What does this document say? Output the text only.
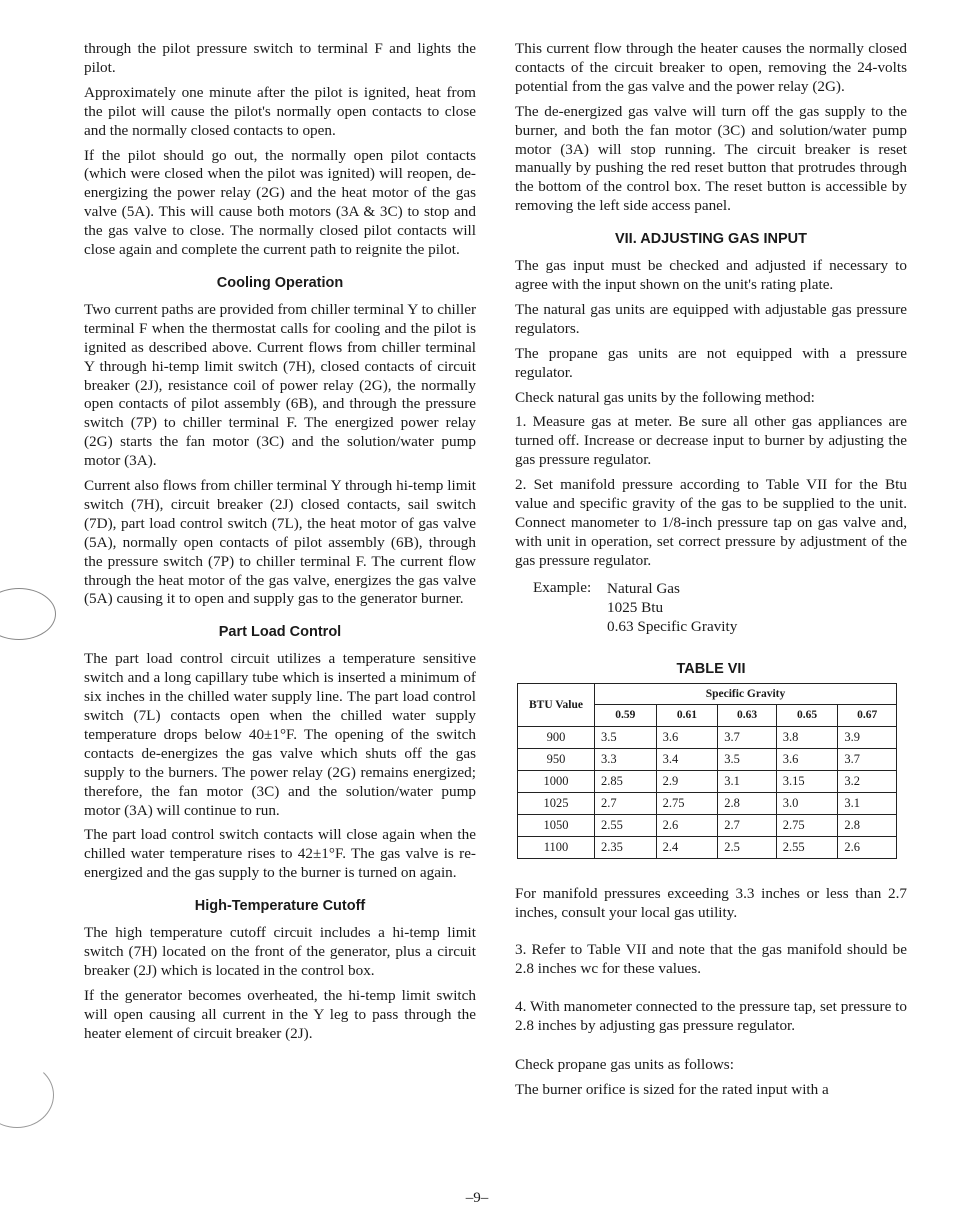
through the pilot pressure switch to terminal F and lights the pilot.

Approximately one minute after the pilot is ignited, heat from the pilot will cause the pilot's normally open contacts to close and the normally closed contacts to open.

If the pilot should go out, the normally open pilot contacts (which were closed when the pilot was ignited) will reopen, de-energizing the power relay (2G) and the heat motor of the gas valve (5A). This will cause both motors (3A & 3C) to stop and the gas valve to close. The normally closed pilot contacts will close again and complete the current path to reignite the pilot.

Cooling Operation

Two current paths are provided from chiller terminal Y to chiller terminal F when the thermostat calls for cooling and the pilot is ignited as described above. Current flows from chiller terminal Y through hi-temp limit switch (7H), closed contacts of circuit breaker (2J), resistance coil of power relay (2G), the normally open contacts of pilot assembly (6B), and through the pressure switch (7P) to chiller terminal F. The energized power relay (2G) starts the fan motor (3C) and the solution/water pump motor (3A).

Current also flows from chiller terminal Y through hi-temp limit switch (7H), circuit breaker (2J) closed contacts, sail switch (7D), part load control switch (7L), the heat motor of gas valve (5A), normally open contacts of pilot assembly (6B), through the pressure switch (7P) to chiller terminal F. The current flow through the heat motor of the gas valve, energizes the gas valve (5A) causing it to open and supply gas to the generator burner.

Part Load Control

The part load control circuit utilizes a temperature sensitive switch and a long capillary tube which is inserted a minimum of six inches in the chilled water supply line. The part load control switch (7L) contacts open when the chilled water supply temperature drops below 40±1°F. The opening of the switch contacts de-energizes the gas valve which shuts off the gas supply to the burners. The power relay (2G) remains energized; therefore, the fan motor (3C) and the solution/water pump motor (3A) will continue to run.

The part load control switch contacts will close again when the chilled water temperature rises to 42±1°F. The gas valve is re-energized and the gas supply to the burner is turned on again.

High-Temperature Cutoff

The high temperature cutoff circuit includes a hi-temp limit switch (7H) located on the front of the generator, plus a circuit breaker (2J) which is located in the control box.

If the generator becomes overheated, the hi-temp limit switch will open causing all current in the Y leg to pass through the heater element of circuit breaker (2J).

This current flow through the heater causes the normally closed contacts of the circuit breaker to open, removing the 24-volts potential from the gas valve and the power relay (2G).

The de-energized gas valve will turn off the gas supply to the burner, and both the fan motor (3C) and solution/water pump motor (3A) will stop running. The circuit breaker is reset manually by pushing the red reset button that protrudes through the bottom of the control box. The reset button is accessible by removing the left side access panel.

VII. ADJUSTING GAS INPUT

The gas input must be checked and adjusted if necessary to agree with the input shown on the unit's rating plate.

The natural gas units are equipped with adjustable gas pressure regulators.

The propane gas units are not equipped with a pressure regulator.

Check natural gas units by the following method:

1. Measure gas at meter. Be sure all other gas appliances are turned off. Increase or decrease input to burner by adjusting the gas pressure regulator.

2. Set manifold pressure according to Table VII for the Btu value and specific gravity of the gas to be supplied to the unit. Connect manometer to 1/8-inch pressure tap on gas valve and, with unit in operation, set correct pressure by adjustment of the gas pressure regulator.

Example:	Natural Gas
1025 Btu
0.63 Specific Gravity
TABLE VII
BTU Value	Specific Gravity				
	0.59	0.61	0.63	0.65	0.67
900	3.5	3.6	3.7	3.8	3.9
950	3.3	3.4	3.5	3.6	3.7
1000	2.85	2.9	3.1	3.15	3.2
1025	2.7	2.75	2.8	3.0	3.1
1050	2.55	2.6	2.7	2.75	2.8
1100	2.35	2.4	2.5	2.55	2.6

For manifold pressures exceeding 3.3 inches or less than 2.7 inches, consult your local gas utility.

3. Refer to Table VII and note that the gas manifold should be 2.8 inches wc for these values.

4. With manometer connected to the pressure tap, set pressure to 2.8 inches by adjusting gas pressure regulator.

Check propane gas units as follows:

The burner orifice is sized for the rated input with a

–9–
